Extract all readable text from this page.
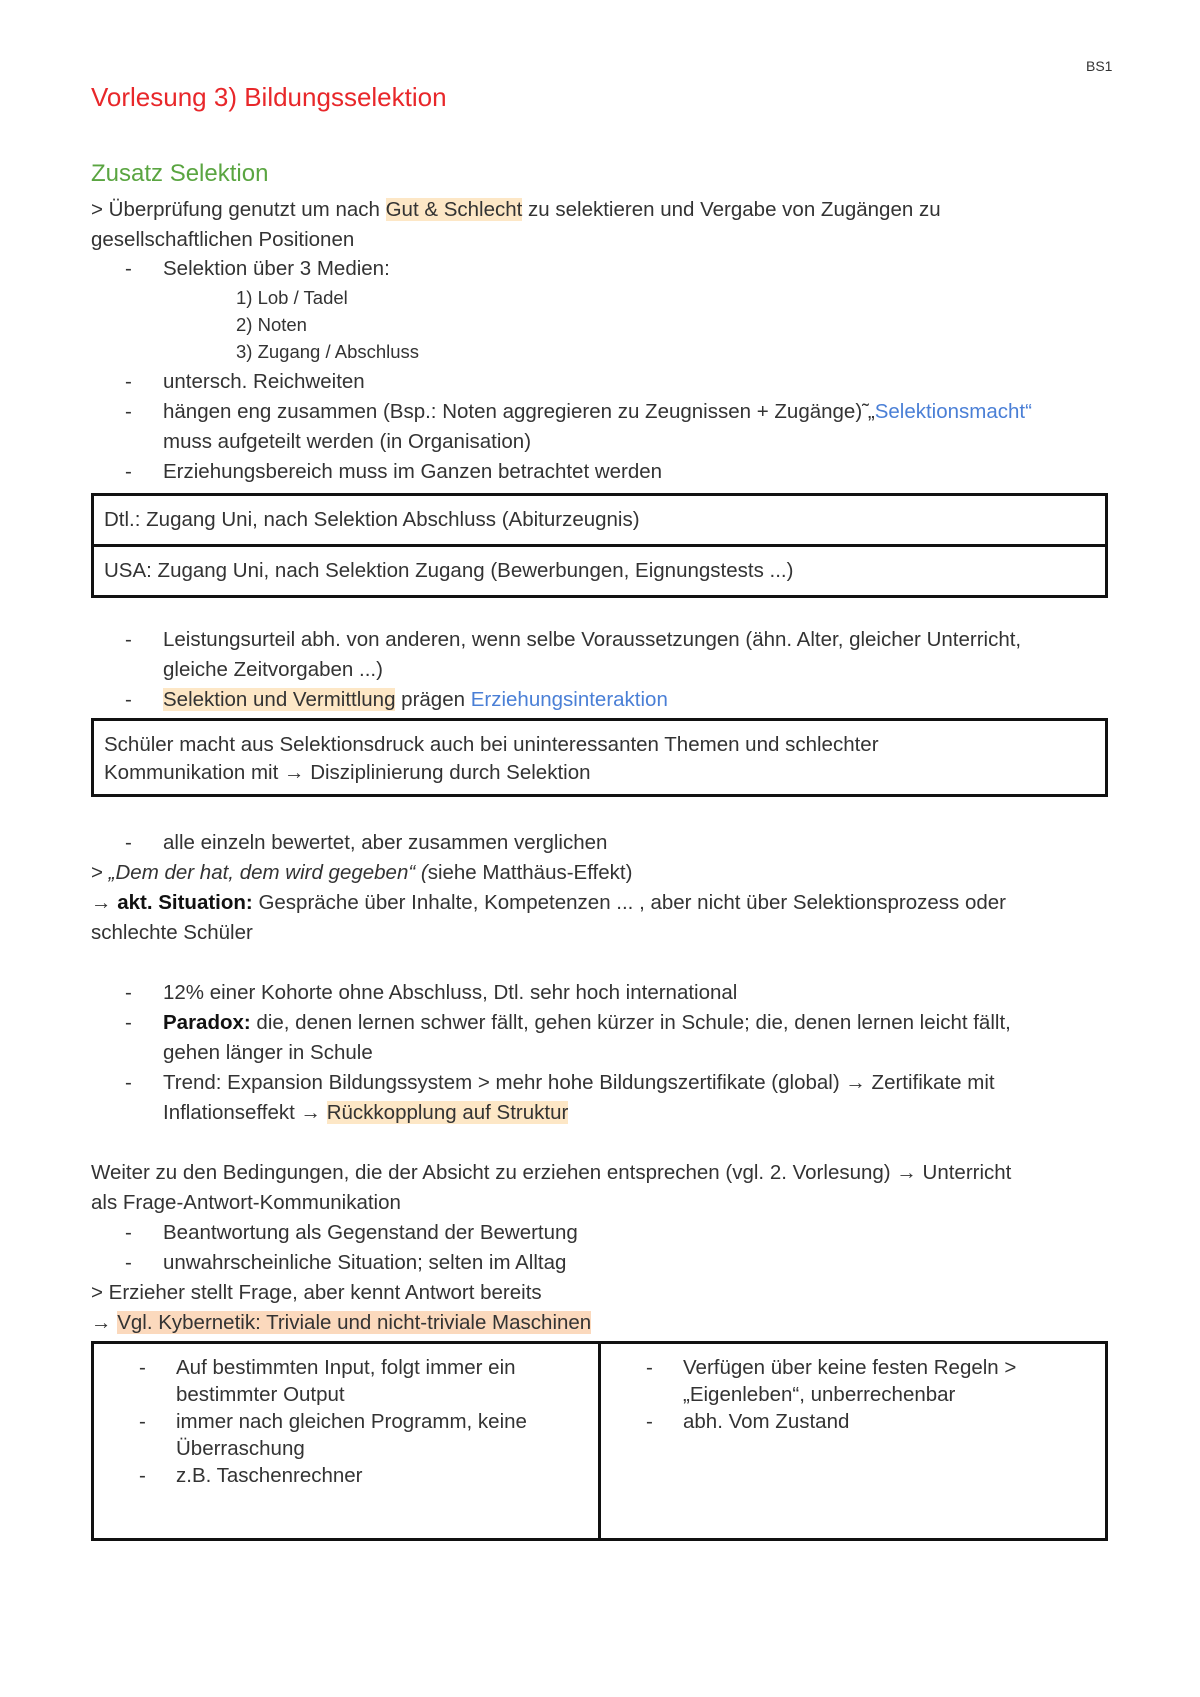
BS1
Vorlesung 3) Bildungsselektion
Zusatz Selektion
> Überprüfung genutzt um nach Gut & Schlecht zu selektieren und Vergabe von Zugängen zu
gesellschaftlichen Positionen
- Selektion über 3 Medien:
1) Lob / Tadel
2) Noten
3) Zugang / Abschluss
- untersch. Reichweiten
- hängen eng zusammen (Bsp.: Noten aggregieren zu Zeugnissen + Zugänge)̃ „Selektionsmacht“
muss aufgeteilt werden (in Organisation)
- Erziehungsbereich muss im Ganzen betrachtet werden
Dtl.: Zugang Uni, nach Selektion Abschluss (Abiturzeugnis)
USA: Zugang Uni, nach Selektion Zugang (Bewerbungen, Eignungstests ...)
- Leistungsurteil abh. von anderen, wenn selbe Voraussetzungen (ähn. Alter, gleicher Unterricht,
gleiche Zeitvorgaben ...)
- Selektion und Vermittlung prägen Erziehungsinteraktion
Schüler macht aus Selektionsdruck auch bei uninteressanten Themen und schlechter
Kommunikation mit → Disziplinierung durch Selektion
- alle einzeln bewertet, aber zusammen verglichen
> „Dem der hat, dem wird gegeben“ (siehe Matthäus-Effekt)
→ akt. Situation: Gespräche über Inhalte, Kompetenzen ... , aber nicht über Selektionsprozess oder
schlechte Schüler
- 12% einer Kohorte ohne Abschluss, Dtl. sehr hoch international
- Paradox: die, denen lernen schwer fällt, gehen kürzer in Schule; die, denen lernen leicht fällt,
gehen länger in Schule
- Trend: Expansion Bildungssystem > mehr hohe Bildungszertifikate (global) → Zertifikate mit
Inflationseffekt → Rückkopplung auf Struktur
Weiter zu den Bedingungen, die der Absicht zu erziehen entsprechen (vgl. 2. Vorlesung) → Unterricht
als Frage-Antwort-Kommunikation
- Beantwortung als Gegenstand der Bewertung
- unwahrscheinliche Situation; selten im Alltag
> Erzieher stellt Frage, aber kennt Antwort bereits
→ Vgl. Kybernetik: Triviale und nicht-triviale Maschinen
- Auf bestimmten Input, folgt immer ein bestimmter Output
- immer nach gleichen Programm, keine Überraschung
- z.B. Taschenrechner
- Verfügen über keine festen Regeln > „Eigenleben“, unberrechenbar
- abh. Vom Zustand
